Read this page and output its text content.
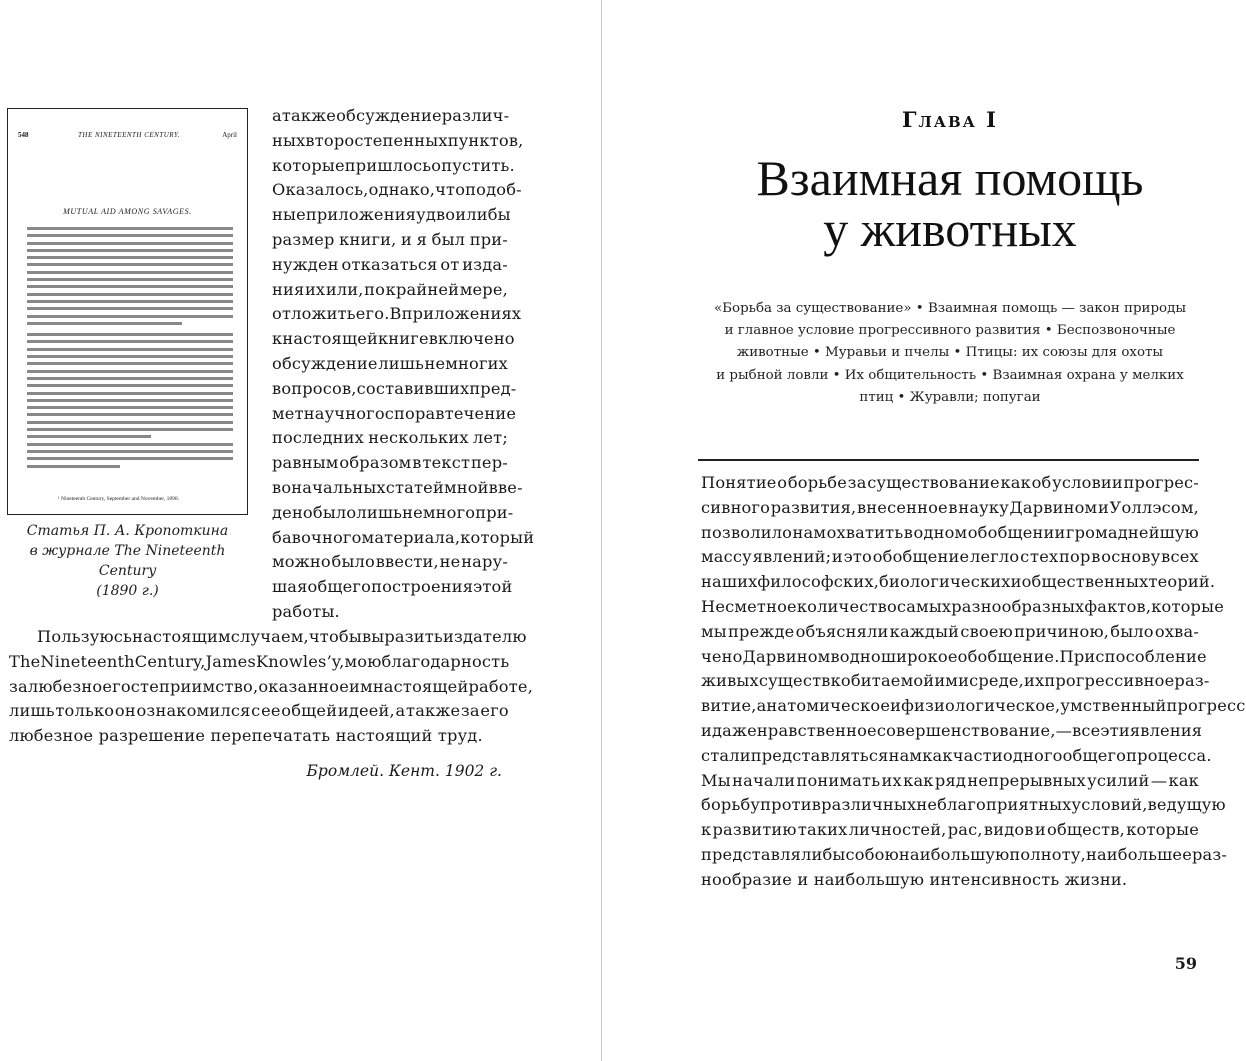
548	THE NINETEENTH CENTURY.	April
MUTUAL AID AMONG SAVAGES.
¹ Nineteenth Century, September and November, 1890.
Статья П. А. Кропоткина
в журнале The Nineteenth Century
(1890 г.)
а также обсуждение различ-
ных второстепенных пунктов,
которые пришлось опустить.
Оказалось, однако, что подоб-
ные приложения удвоили бы
размер книги, и я был при-
нужден отказаться от изда-
ния их или, по крайней мере,
отложить его. В приложениях
к настоящей книге включено
обсуждение лишь немногих
вопросов, составивших пред-
мет научного спора в течение
последних нескольких лет;
равным образом в текст пер-
воначальных статей мной вве-
дено было лишь немного при-
бавочного материала, который
можно было ввести, не нару-
шая общего построения этой
работы.
Пользуюсь настоящим случаем, чтобы выразить издателю
The Nineteenth Century, James Knowles’y, мою благодарность
за любезное гостеприимство, оказанное им настоящей работе,
лишь только он ознакомился с ее общей идеей, а также за его
любезное разрешение перепечатать настоящий труд.
Бромлей. Кент. 1902 г.
Глава I
Взаимная помощь
у животных
«Борьба за существование» • Взаимная помощь — закон природы
и главное условие прогрессивного развития • Беспозвоночные
животные • Муравьи и пчелы • Птицы: их союзы для охоты
и рыбной ловли • Их общительность • Взаимная охрана у мелких
птиц • Журавли; попугаи
Понятие о борьбе за существование как об условии прогрес-
сивного развития, внесенное в науку Дарвином и Уоллэсом,
позволило нам охватить в одном обобщении громаднейшую
массу явлений; и это обобщение легло с тех пор в основу всех
наших философских, биологических и общественных теорий.
Несметное количество самых разнообразных фактов, которые
мы прежде объясняли каждый своею причиною, было охва-
чено Дарвином в одно широкое обобщение. Приспособление
живых существ к обитаемой ими среде, их прогрессивное раз-
витие, анатомическое и физиологическое, умственный прогресс
и даже нравственное совершенствование, — все эти явления
стали представляться нам как части одного общего процесса.
Мы начали понимать их как ряд непрерывных усилий — как
борьбу против различных неблагоприятных условий, ведущую
к развитию таких личностей, рас, видов и обществ, которые
представляли бы собою наибольшую полноту, наибольшее раз-
нообразие и наибольшую интенсивность жизни.
59
